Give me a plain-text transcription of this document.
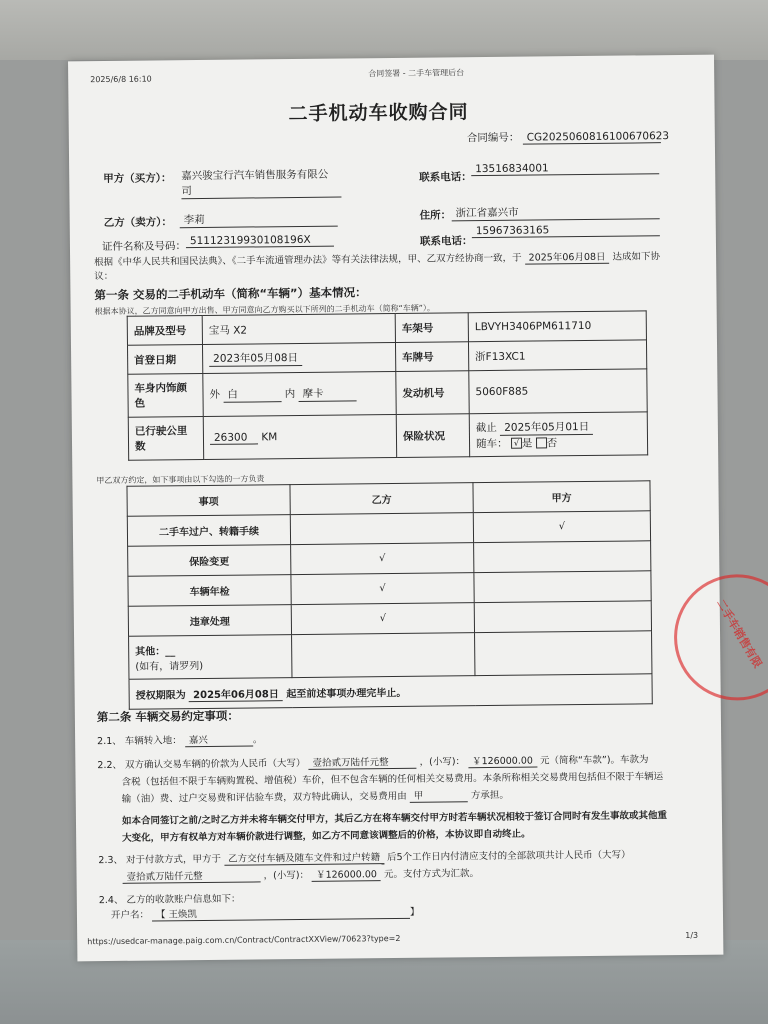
2025/6/8 16:10
合同签署 - 二手车管理后台
二手机动车收购合同
合同编号： CG2025060816100670623
甲方（买方）： 嘉兴骏宝行汽车销售服务有限公
司
联系电话：
13516834001
乙方（卖方）：	李莉	住所： 浙江省嘉兴市
证件名称及号码： 51112319930108196X	联系电话：
15967363165
根据《中华人民共和国民法典》、《二手车流通管理办法》等有关法律法规，甲、乙双方经协商一致，于 2025年06月08日 达成如下协
议：
第一条 交易的二手机动车（简称“车辆”）基本情况：
根据本协议，乙方同意向甲方出售、甲方同意向乙方购买以下所列的二手机动车（简称“车辆”）。
品牌及型号	宝马 X2	车架号	LBVYH3406PM611710
首登日期	2023年05月08日	车牌号	浙F13XC1
车身内饰颜色	外 白 内 摩卡	发动机号	5060F885
已行驶公里数	26300 KM	保险状况	截止 2025年05月01日
随车： √ 是 否
甲乙双方约定，如下事项由以下勾选的一方负责
事项	乙方	甲方
二手车过户、转籍手续		√
保险变更	√	
车辆年检	√	
违章处理	√	

其他：__
(如有，请罗列)		

授权期限为 2025年06月08日 起至前述事项办理完毕止。		
第二条 车辆交易约定事项：
2.1、 车辆转入地： 嘉兴	。
2.2、 双方确认交易车辆的价款为人民币（大写） 壹拾贰万陆仟元整	，(小写)： ￥126000.00 元（简称“车款”)。车款为
含税（包括但不限于车辆购置税、增值税）车价，但不包含车辆的任何相关交易费用。本条所称相关交易费用包括但不限于车辆运
输（油）费、过户交易费和评估验车费，双方特此确认，交易费用由 甲	方承担。
如本合同签订之前/之时乙方并未将车辆交付甲方，其后乙方在将车辆交付甲方时若车辆状况相较于签订合同时有发生事故或其他重
大变化，甲方有权单方对车辆价款进行调整，如乙方不同意该调整后的价格，本协议即自动终止。
2.3、 对于付款方式，甲方于 乙方交付车辆及随车文件和过户转籍 后5个工作日内付清应支付的全部款项共计人民币（大写）
壹拾贰万陆仟元整	，(小写)： ￥126000.00 元。支付方式为汇款。
2.4、 乙方的收款账户信息如下：
开户名： 【 王焕凯	】
https://usedcar-manage.paig.com.cn/Contract/ContractXXView/70623?type=2	1/3
二手车销售有限
